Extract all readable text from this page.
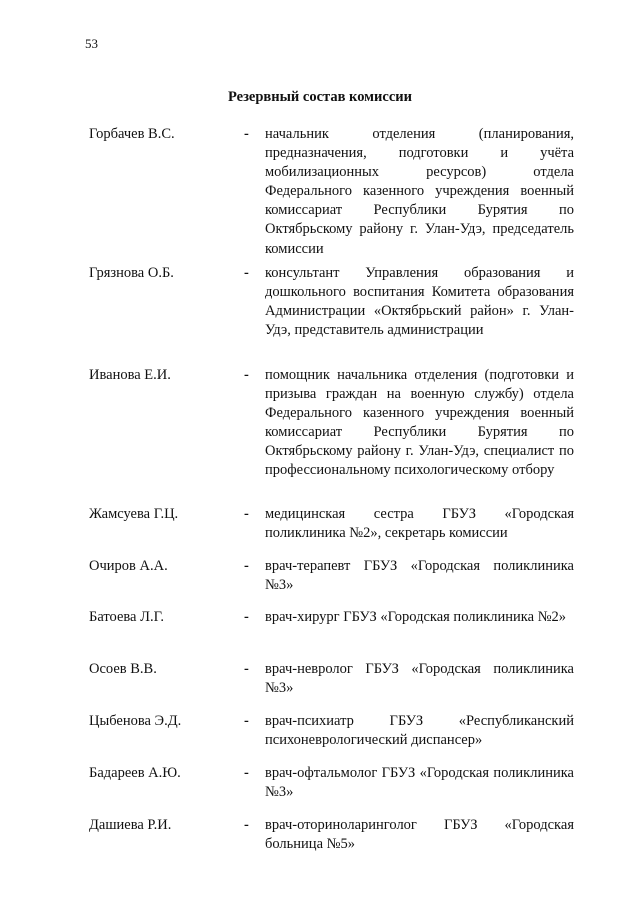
53
Резервный состав комиссии
Горбачев В.С.	- начальник отделения (планирования, предназначения, подготовки и учёта мобилизационных ресурсов) отдела Федерального казенного учреждения военный комиссариат Республики Бурятия по Октябрьскому району г. Улан-Удэ, председатель комиссии
Грязнова О.Б.	- консультант Управления образования и дошкольного воспитания Комитета образования Администрации «Октябрьский район» г. Улан-Удэ, представитель администрации
Иванова Е.И.	- помощник начальника отделения (подготовки и призыва граждан на военную службу) отдела Федерального казенного учреждения военный комиссариат Республики Бурятия по Октябрьскому району г. Улан-Удэ, специалист по профессиональному психологическому отбору
Жамсуева Г.Ц.	- медицинская сестра ГБУЗ «Городская поликлиника №2», секретарь комиссии
Очиров А.А.	- врач-терапевт ГБУЗ «Городская поликлиника №3»
Батоева Л.Г.	- врач-хирург ГБУЗ «Городская поликлиника №2»
Осоев В.В.	- врач-невролог ГБУЗ «Городская поликлиника №3»
Цыбенова Э.Д.	- врач-психиатр ГБУЗ «Республиканский психоневрологический диспансер»
Бадареев А.Ю.	- врач-офтальмолог ГБУЗ «Городская поликлиника №3»
Дашиева Р.И.	- врач-оториноларинголог ГБУЗ «Городская больница №5»
